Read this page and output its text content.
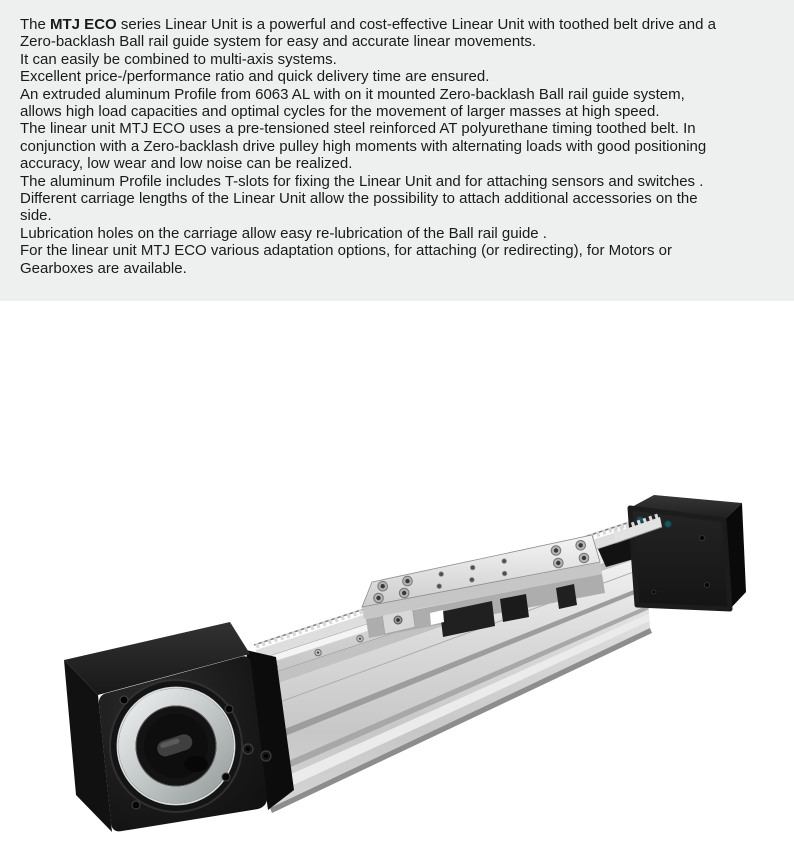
The MTJ ECO series Linear Unit is a powerful and cost-effective Linear Unit with toothed belt drive and a
Zero-backlash Ball rail guide system for easy and accurate linear movements.
It can easily be combined to multi-axis systems.
Excellent price-/performance ratio and quick delivery time are ensured.
An extruded aluminum Profile from 6063 AL with on it mounted Zero-backlash Ball rail guide system,
allows high load capacities and optimal cycles for the movement of larger masses at high speed.
The linear unit MTJ ECO uses a pre-tensioned steel reinforced AT polyurethane timing toothed belt. In
conjunction with a Zero-backlash drive pulley high moments with alternating loads with good positioning
accuracy, low wear and low noise can be realized.
The aluminum Profile includes T-slots for fixing the Linear Unit and for attaching sensors and switches .
Different carriage lengths of the Linear Unit allow the possibility to attach additional accessories on the
side.
Lubrication holes on the carriage allow easy re-lubrication of the Ball rail guide .
For the linear unit MTJ ECO various adaptation options, for attaching (or redirecting), for Motors or
Gearboxes are available.
